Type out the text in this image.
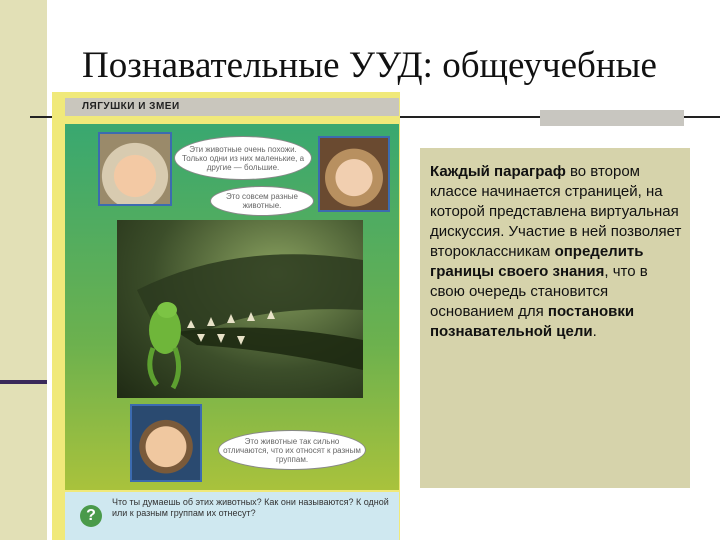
Познавательные УУД: общеучебные
ЛЯГУШКИ И ЗМЕИ
Эти животные очень похожи. Только одни из них маленькие, а другие — большие.
Это совсем разные животные.
Это животные так сильно отличаются, что их относят к разным группам.
?
Что ты думаешь об этих животных? Как они называются? К одной или к разным группам их отнесут?
Каждый параграф во втором классе начинается страницей, на которой представлена виртуальная дискуссия. Участие в ней позволяет второклассникам определить границы своего знания, что в свою очередь становится основанием для постановки познавательной цели.
